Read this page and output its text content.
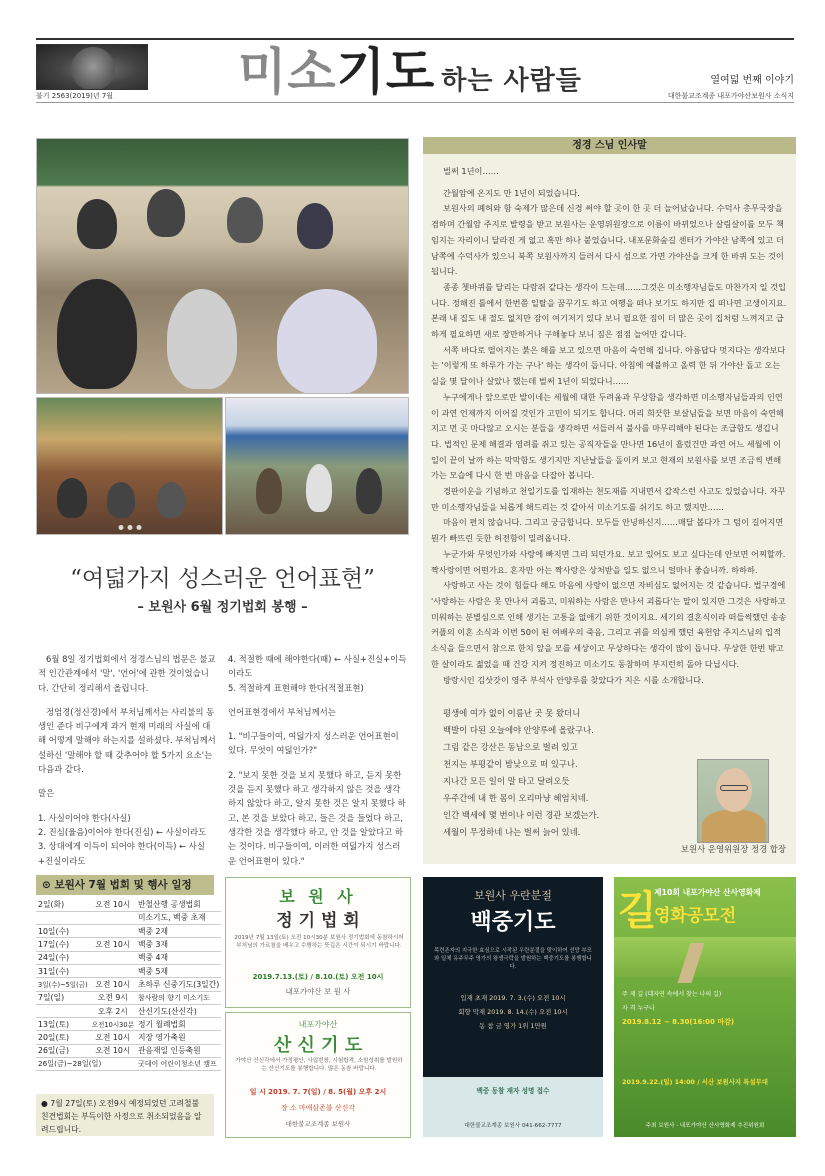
불기 2563(2019)년 7월 미소기도 하는 사람들	열여덟 번째 이야기
대한불교조계종 내포가야산보원사 소식지
“여덟가지 성스러운 언어표현”
– 보원사 6월 정기법회 봉행 –

6월 8일 정기법회에서 정경스님의 법문은 불교적 인간관계에서 '말', '언어'에 관한 것이었습니다. 간단히 정리해서 올립니다.

정엄경(정신경)에서 부처님께서는 사리불의 동생인 준다 비구에게 과거 현재 미래의 사실에 대해 어떻게 말해야 하는지를 설하셨다. 부처님께서 설하신 '말해야 할 때 갖추어야 할 5가지 요소'는 다음과 같다.

말은

1. 사실이어야 한다(사실)
2. 진심(율음)이어야 한다(진심) ← 사실이라도
3. 상대에게 이득이 되어야 한다(이득) ← 사실+진실이라도
4. 적절한 때에 해야한다(때) ← 사실+진실+이득이라도

5. 적절하게 표현해야 한다(적절표현)

언어표현경에서 부처님께서는

1. "비구들이여, 여덟가지 성스러운 언어표현이 있다. 무엇이 여덟인가?"

2. "보지 못한 것을 보지 못했다 하고, 듣지 못한 것을 듣지 못했다 하고 생각하지 않은 것을 생각하지 않았다 하고, 알지 못한 것은 알지 못했다 하고, 본 것을 보았다 하고, 들은 것을 들었다 하고, 생각한 것을 생각했다 하고, 안 것을 알았다고 하는 것이다. 비구들이여, 이러한 여덟가지 성스러운 언어표현이 있다."

정경 스님 인사말

벌써 1년이……

간월암에 온지도 만 1년이 되었습니다.

보원사의 폐허와 함 숙제가 많은데 신경 써야 할 곳이 한 곳 더 늘어났습니다. 수덕사 총무국장을 겸하며 간월암 주지로 발령을 받고 보원사는 운영위원장으로 이름이 바뀌었으나 살림살이를 모두 책임지는 자리이니 달라진 게 없고 혹만 하나 붙었습니다. 내포문화숲길 센터가 가야산 남쪽에 있고 더 남쪽에 수덕사가 있으니 북쪽 보원사까지 들러서 다시 섬으로 가면 가야산을 크게 한 바퀴 도는 것이 됩니다.

종종 쳇바퀴를 달리는 다람쥐 같다는 생각이 드는데……그것은 미소행자님들도 마찬가지 일 것입니다. 정해진 틀에서 한번쯤 일탈을 꿈꾸기도 하고 여행을 떠나 보기도 하지만 집 떠나면 고생이지요. 본래 내 집도 내 절도 없지만 잠이 여기저기 있다 보니 필요한 짐이 더 많은 곳이 집처럼 느껴지고 급하게 필요하면 새로 장만하거나 구해놓다 보니 짐은 점점 늘어만 갑니다.

서쪽 바다로 떨어지는 붉은 해를 보고 있으면 마음이 숙연해 집니다. 아름답다 멋지다는 생각보다는 '이렇게 또 하루가 가는 구나' 하는 생각이 듭니다. 아침에 예불하고 올력 한 뒤 가야산 돌고 오는 실을 몇 달이나 살았나 했는데 벌써 1년이 되었다니……

누구에게나 앞으로만 발이네는 세월에 대한 두려움과 무상함을 생각하면 미소행자님들과의 인연이 과연 언제까지 이어질 것인가 고민이 되기도 합니다. 머리 희끗한 보살님들을 보면 마음이 숙연해지고 먼 곳 마다않고 오시는 분들을 생각하면 서들러서 불사를 마무리해야 된다는 조급함도 생깁니다. 법적인 문제 해결과 염려를 쥐고 있는 공직자들을 만나면 16년이 흘렀건만 과연 어느 세월에 이 일이 끝이 날까 하는 막막함도 생기지만 지난날들을 돌이켜 보고 현재의 보원사를 보면 조금씩 변해가는 모습에 다시 한 번 마음을 다잡아 봅니다.

경판이운을 기념하고 천일기도를 입재하는 천도재를 지내면서 갑작스런 사고도 있었습니다. 자꾸만 미소행자님들을 뇌롭게 해드리는 것 같아서 미소기도를 쉬기도 하고 했지만……

마음이 편치 않습니다. 그리고 궁금합니다. 모두들 안녕하신지……매달 봅다가 그 텀이 길어지면 뭔가 빠뜨린 듯한 허전함이 밀려옵니다.

누군가와 무엇인가와 사랑에 빠지면 그리 되던가요. 보고 있어도 보고 싶다는데 안보면 어찌할까. 짝사랑이면 어떤가요. 혼자만 아는 짝사랑은 상처받을 일도 없으니 얼마나 좋습니까. 하하하.

사랑하고 사는 것이 힘들다 해도 마음에 사랑이 없으면 자비심도 없어지는 것 같습니다. 법구경에 '사랑하는 사람은 못 만나서 괴롭고, 미워하는 사람은 만나서 괴롭다'는 말이 있지만 그것은 사랑하고 미워하는 분별심으로 인해 생기는 고통을 없애기 위한 것이지요. 세기의 결혼식이라 떠들썩했던 송송 커플의 이혼 소식과 이번 50이 된 여배우의 죽음, 그리고 귀를 의심케 했던 육헌암 주지스님의 입적 소식을 들으면서 참으로 한치 앞을 모를 세상이고 무상하다는 생각이 많이 듭니다. 무상한 한번 밖고 한 살이라도 젊었을 때 건강 지켜 정진하고 미소기도 동참하며 부지런히 돌아 다닙시다.

방랑시인 김삿갓이 영주 부석사 안양루를 찾았다가 지은 시를 소개합니다.

평생에 여가 없이 이름난 곳 못 왔더니
백발이 다된 오늘에야 안양루에 올랐구나.
그림 같은 강산은 동남으로 벌려 있고
천지는 부평같이 밤낮으로 떠 있구나.
지나간 모든 일이 말 타고 달려오듯
우주간에 내 한 몸이 오리마냥 헤엄치네.
인간 백세에 몇 번이나 이런 경관 보겠는가.
세월이 무정하네 나는 벌써 늙어 있네.
보원사 운영위원장 정경 합장
⊙ 보원사 7월 법회 및 행사 일정
2일(화)	오전 10시	반철산행 공생법회
		미소기도, 백중 초재
10일(수)		백중 2재
17일(수)	오전 10시	백중 3재
24일(수)		백중 4재
31일(수)		백중 5재
3일(수)~5일(금)	오전 10시	초하루 신중기도(3일간)
7일(일)	오전 9시	참사람의 향기 미소기도
	오후 2시	산신기도(산신각)
13일(토)	오전10시30분	정기 월례법회
20일(토)	오전 10시	지장 영가축원
26일(금)	오전 10시	관음재일 인등축원
26일(금)~28일(일)		굿데이 어린이청소년 캠프
● 7월 27일(토) 오전9시 예정되었던 고려철불 친견법회는 부득이한 사정으로 취소되었음을 알려드립니다.
보 원 사
정 기 법 회
2019년 7월 13일(토) 오전 10시30분 보원사 정기법회에 동참하시어 부처님의 가르침을 배우고 수행하는 뜻깊은 시간이 되시기 바랍니다.
2019.7.13.(토) / 8.10.(토) 오전 10시
내포가야산 보 원 사
내포가야산
산 신 기 도
가야산 산신각에서 가정평안, 사업번창, 시험합격, 소원성취를 발원하는 산신기도를 봉행합니다. 많은 동참 바랍니다.
일 시 2019. 7. 7(일) / 8. 5(월) 오후 2시
장 소 마애삼존불 산신각
대한불교조계종 보원사
보원사 우란분절
백중기도
목련존자의 지극한 효심으로 시작된 우란분절을 맞이하여 선망 부모와 일체 유주무주 영가의 왕생극락을 발원하는 백중기도를 봉행합니다.
입재 초재 2019. 7. 3.(수) 오전 10시
회향 막재 2019. 8. 14.(수) 오전 10시
동 참 금 영가 1위 1만원
백중 동참 재자 성명 접수
대한불교조계종 보원사 041-662-7777
제10회 내포가야산 산사영화제
길
영화공모전
주 제 길 (대자연 속에서 찾는 나의 길)
자 격 누구나
2019.8.12 ~ 8.30(16:00 마감)
2019.9.22.(일) 14:00 / 서산 보원사지 특설무대
주최 보원사 · 내포가야산 산사영화제 추진위원회
